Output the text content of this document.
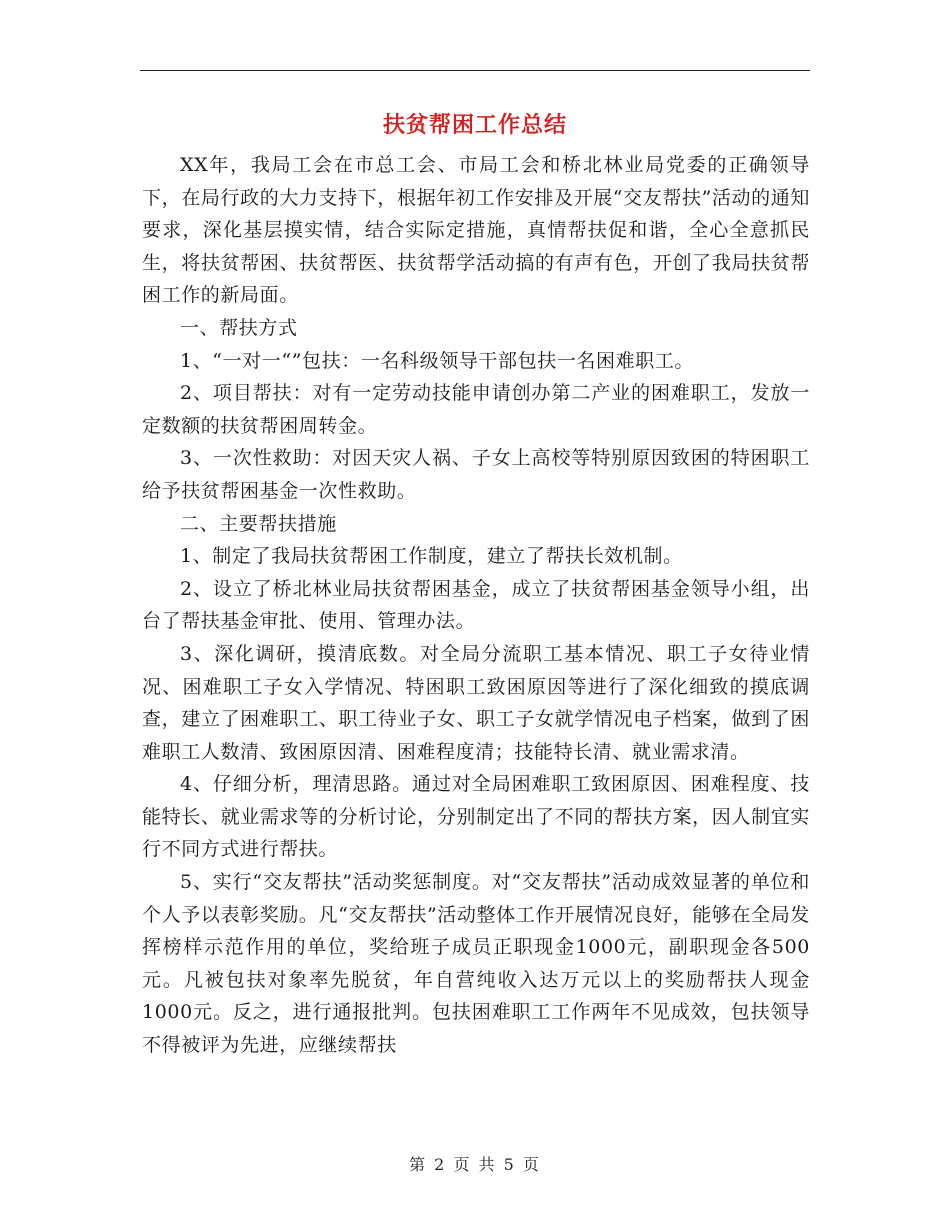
扶贫帮困工作总结

XX年，我局工会在市总工会、市局工会和桥北林业局党委的正确领导下，在局行政的大力支持下，根据年初工作安排及开展“交友帮扶”活动的通知要求，深化基层摸实情，结合实际定措施，真情帮扶促和谐，全心全意抓民生，将扶贫帮困、扶贫帮医、扶贫帮学活动搞的有声有色，开创了我局扶贫帮困工作的新局面。

一、帮扶方式

1、“一对一“”包扶：一名科级领导干部包扶一名困难职工。

2、项目帮扶：对有一定劳动技能申请创办第二产业的困难职工，发放一定数额的扶贫帮困周转金。

3、一次性救助：对因天灾人祸、子女上高校等特别原因致困的特困职工给予扶贫帮困基金一次性救助。

二、主要帮扶措施

1、制定了我局扶贫帮困工作制度，建立了帮扶长效机制。

2、设立了桥北林业局扶贫帮困基金，成立了扶贫帮困基金领导小组，出台了帮扶基金审批、使用、管理办法。

3、深化调研，摸清底数。对全局分流职工基本情况、职工子女待业情况、困难职工子女入学情况、特困职工致困原因等进行了深化细致的摸底调查，建立了困难职工、职工待业子女、职工子女就学情况电子档案，做到了困难职工人数清、致困原因清、困难程度清；技能特长清、就业需求清。

4、仔细分析，理清思路。通过对全局困难职工致困原因、困难程度、技能特长、就业需求等的分析讨论，分别制定出了不同的帮扶方案，因人制宜实行不同方式进行帮扶。

5、实行“交友帮扶”活动奖惩制度。对“交友帮扶”活动成效显著的单位和个人予以表彰奖励。凡“交友帮扶”活动整体工作开展情况良好，能够在全局发挥榜样示范作用的单位，奖给班子成员正职现金1000元，副职现金各500元。凡被包扶对象率先脱贫，年自营纯收入达万元以上的奖励帮扶人现金1000元。反之，进行通报批判。包扶困难职工工作两年不见成效，包扶领导不得被评为先进，应继续帮扶

第 2 页 共 5 页
